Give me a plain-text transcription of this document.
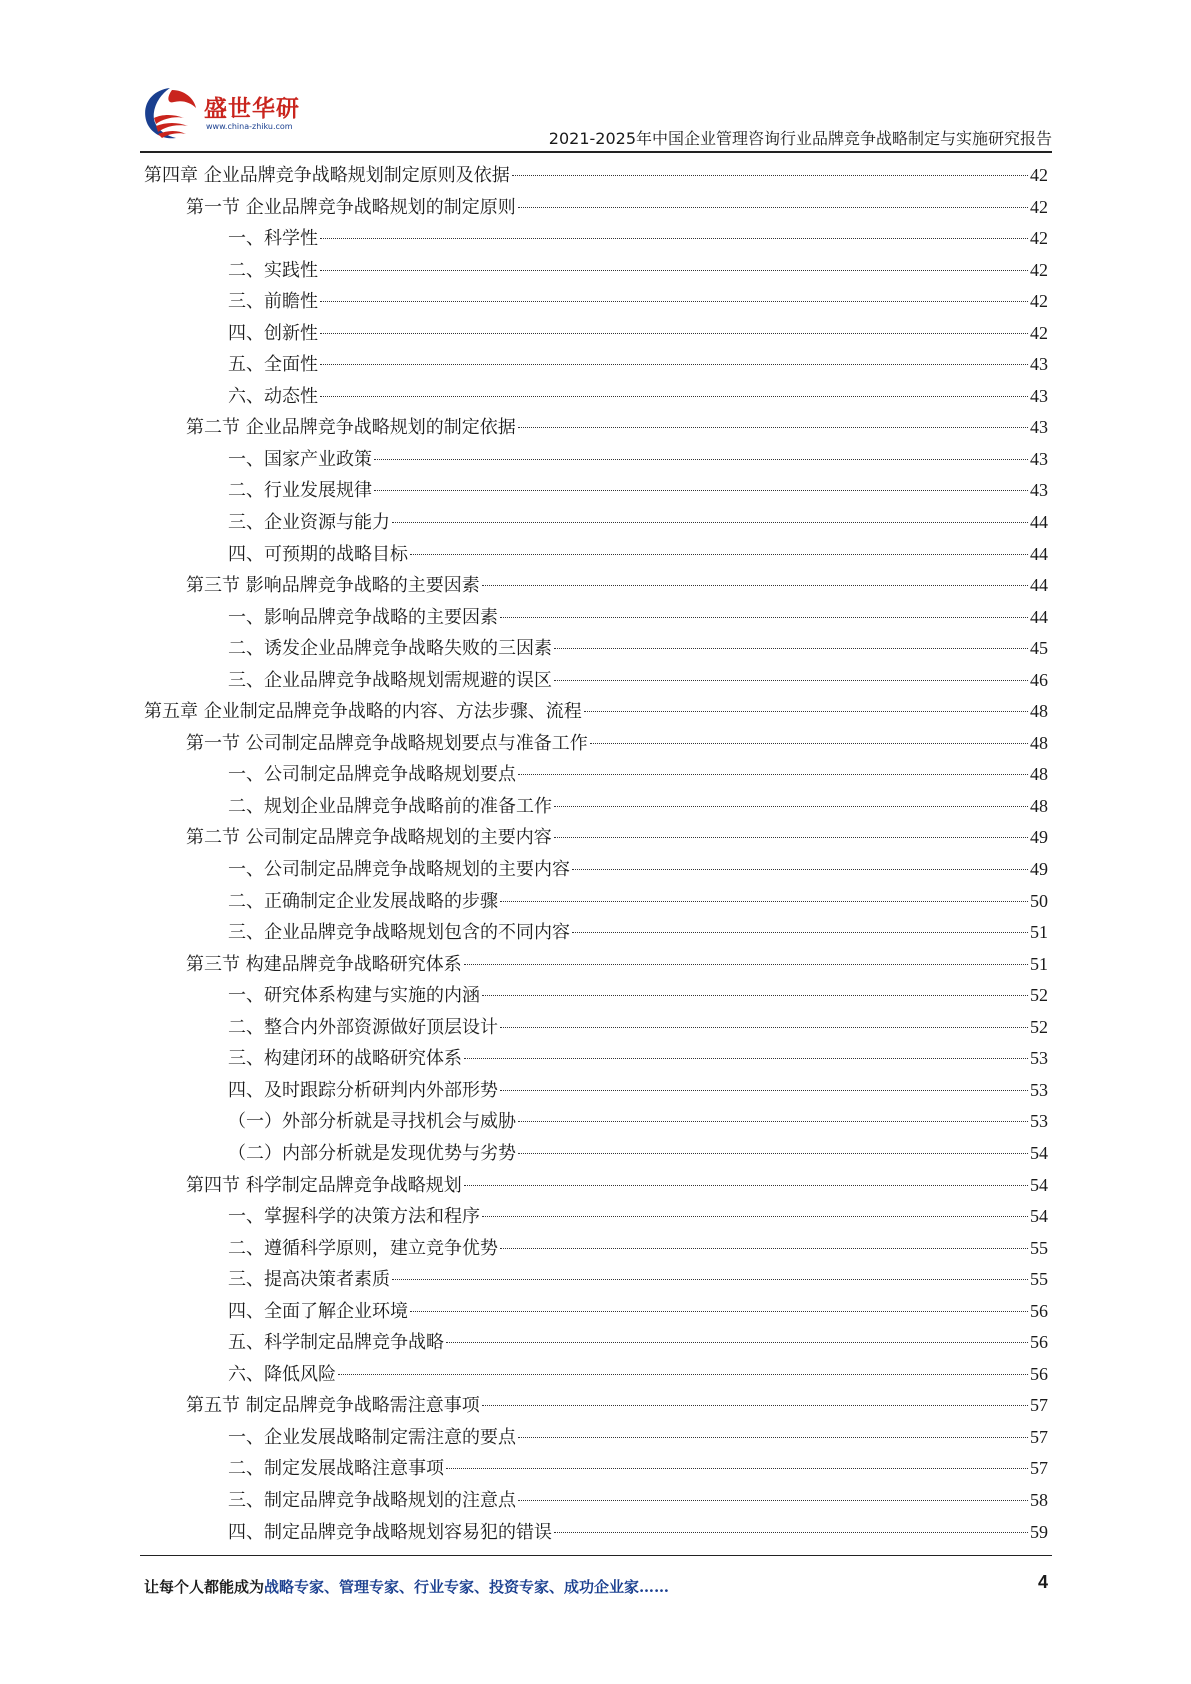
盛世华研
www.china-zhiku.com
2021-2025年中国企业管理咨询行业品牌竞争战略制定与实施研究报告
第四章 企业品牌竞争战略规划制定原则及依据	42
第一节 企业品牌竞争战略规划的制定原则	42
一、科学性	42
二、实践性	42
三、前瞻性	42
四、创新性	42
五、全面性	43
六、动态性	43
第二节 企业品牌竞争战略规划的制定依据	43
一、国家产业政策	43
二、行业发展规律	43
三、企业资源与能力	44
四、可预期的战略目标	44
第三节 影响品牌竞争战略的主要因素	44
一、影响品牌竞争战略的主要因素	44
二、诱发企业品牌竞争战略失败的三因素	45
三、企业品牌竞争战略规划需规避的误区	46
第五章 企业制定品牌竞争战略的内容、方法步骤、流程	48
第一节 公司制定品牌竞争战略规划要点与准备工作	48
一、公司制定品牌竞争战略规划要点	48
二、规划企业品牌竞争战略前的准备工作	48
第二节 公司制定品牌竞争战略规划的主要内容	49
一、公司制定品牌竞争战略规划的主要内容	49
二、正确制定企业发展战略的步骤	50
三、企业品牌竞争战略规划包含的不同内容	51
第三节 构建品牌竞争战略研究体系	51
一、研究体系构建与实施的内涵	52
二、整合内外部资源做好顶层设计	52
三、构建闭环的战略研究体系	53
四、及时跟踪分析研判内外部形势	53
（一）外部分析就是寻找机会与威胁	53
（二）内部分析就是发现优势与劣势	54
第四节 科学制定品牌竞争战略规划	54
一、掌握科学的决策方法和程序	54
二、遵循科学原则，建立竞争优势	55
三、提高决策者素质	55
四、全面了解企业环境	56
五、科学制定品牌竞争战略	56
六、降低风险	56
第五节 制定品牌竞争战略需注意事项	57
一、企业发展战略制定需注意的要点	57
二、制定发展战略注意事项	57
三、制定品牌竞争战略规划的注意点	58
四、制定品牌竞争战略规划容易犯的错误	59
让每个人都能成为战略专家、管理专家、行业专家、投资专家、成功企业家……	4
